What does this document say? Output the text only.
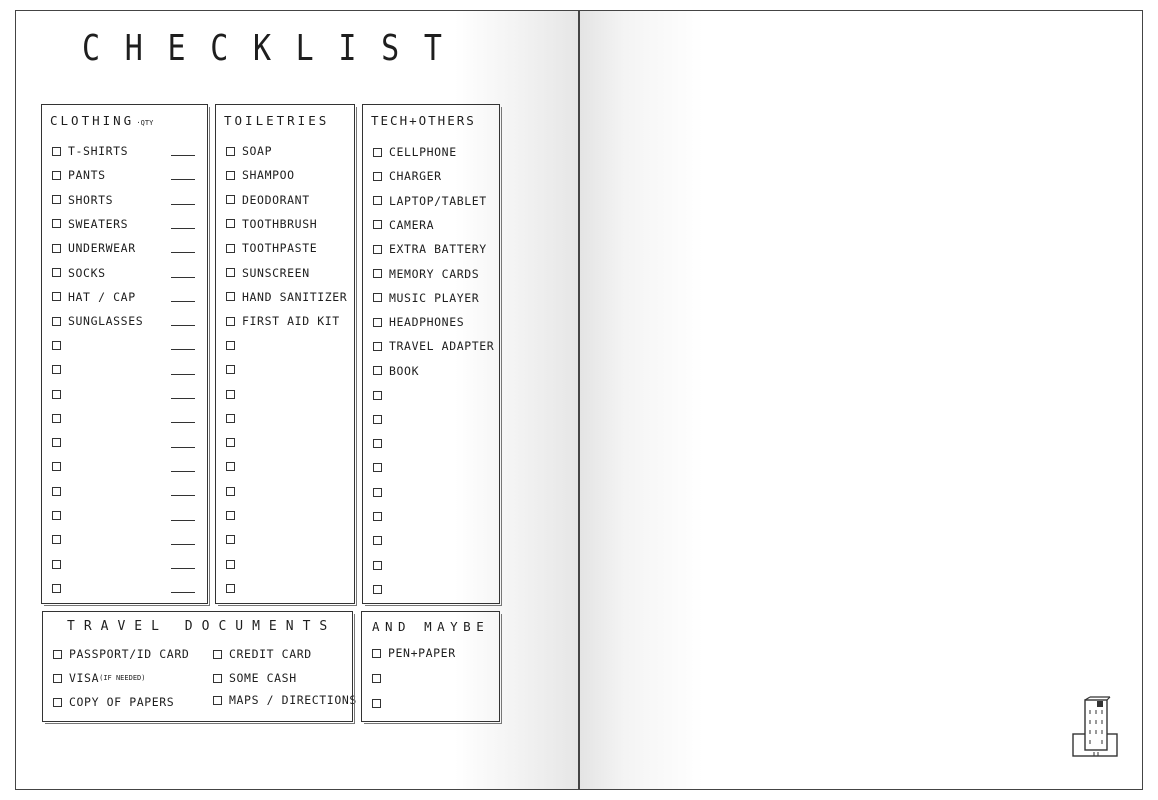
C H E C K L I S T
CLOTHING ·QTY
T-SHIRTS
PANTS
SHORTS
SWEATERS
UNDERWEAR
SOCKS
HAT / CAP
SUNGLASSES
TOILETRIES
SOAP
SHAMPOO
DEODORANT
TOOTHBRUSH
TOOTHPASTE
SUNSCREEN
HAND SANITIZER
FIRST AID KIT
TECH+OTHERS
CELLPHONE
CHARGER
LAPTOP/TABLET
CAMERA
EXTRA BATTERY
MEMORY CARDS
MUSIC PLAYER
HEADPHONES
TRAVEL ADAPTER
BOOK
TRAVEL DOCUMENTS
PASSPORT/ID CARD
VISA (IF NEEDED)
COPY OF PAPERS
CREDIT CARD
SOME CASH
MAPS / DIRECTIONS
AND MAYBE
PEN+PAPER
